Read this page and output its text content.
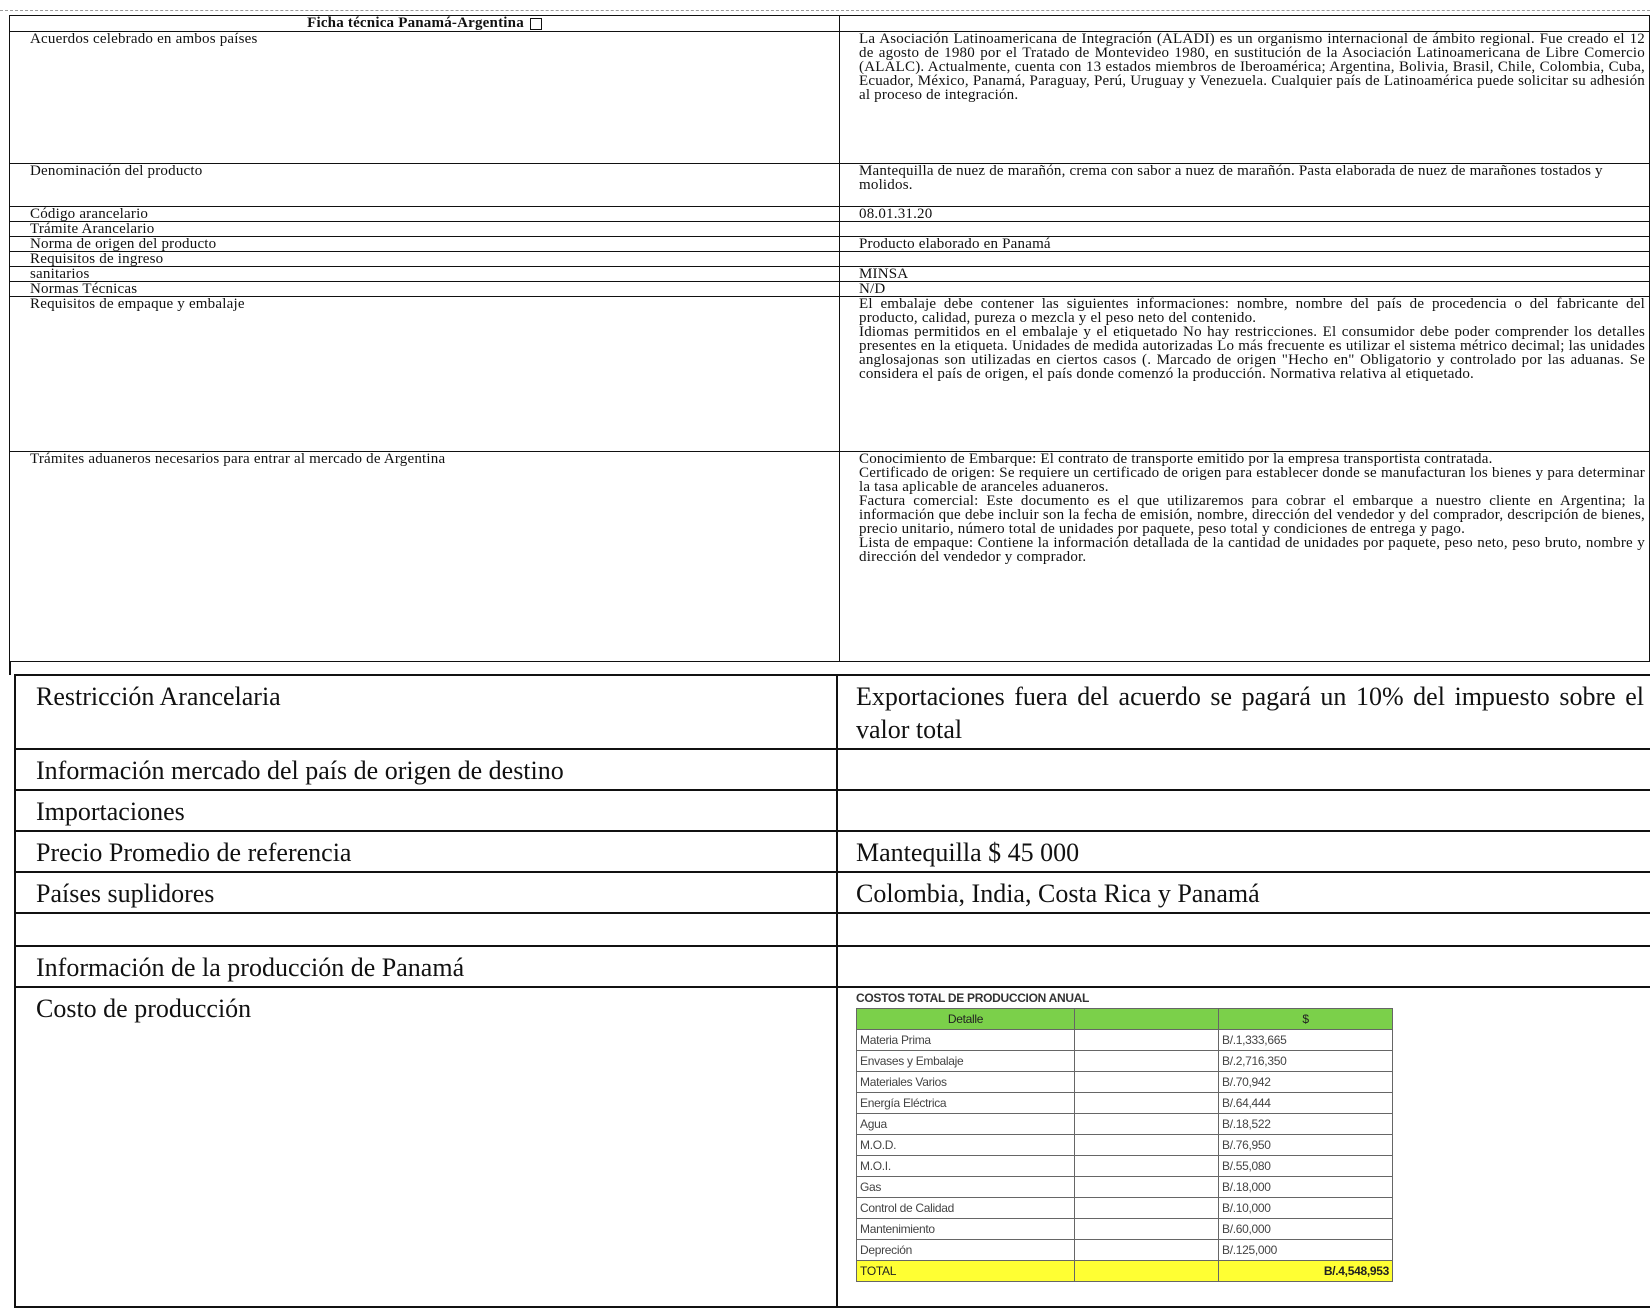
Ficha técnica Panamá-Argentina	
Acuerdos celebrado en ambos países	La Asociación Latinoamericana de Integración (ALADI) es un organismo internacional de ámbito regional. Fue creado el 12 de agosto de 1980 por el Tratado de Montevideo 1980, en sustitución de la Asociación Latinoamericana de Libre Comercio (ALALC). Actualmente, cuenta con 13 estados miembros de Iberoamérica; Argentina, Bolivia, Brasil, Chile, Colombia, Cuba, Ecuador, México, Panamá, Paraguay, Perú, Uruguay y Venezuela. Cualquier país de Latinoamérica puede solicitar su adhesión al proceso de integración.
Denominación del producto	Mantequilla de nuez de marañón, crema con sabor a nuez de marañón. Pasta elaborada de nuez de marañones tostados y molidos.
Código arancelario	08.01.31.20
Trámite Arancelario	
Norma de origen del producto	Producto elaborado en Panamá
Requisitos de ingreso	
sanitarios	MINSA
Normas Técnicas	N/D
Requisitos de empaque y embalaje	El embalaje debe contener las siguientes informaciones: nombre, nombre del país de procedencia o del fabricante del producto, calidad, pureza o mezcla y el peso neto del contenido.
Idiomas permitidos en el embalaje y el etiquetado No hay restricciones. El consumidor debe poder comprender los detalles presentes en la etiqueta. Unidades de medida autorizadas Lo más frecuente es utilizar el sistema métrico decimal; las unidades anglosajonas son utilizadas en ciertos casos (. Marcado de origen "Hecho en" Obligatorio y controlado por las aduanas. Se considera el país de origen, el país donde comenzó la producción. Normativa relativa al etiquetado.
Trámites aduaneros necesarios para entrar al mercado de Argentina	Conocimiento de Embarque: El contrato de transporte emitido por la empresa transportista contratada.
Certificado de origen: Se requiere un certificado de origen para establecer donde se manufacturan los bienes y para determinar la tasa aplicable de aranceles aduaneros.
Factura comercial: Este documento es el que utilizaremos para cobrar el embarque a nuestro cliente en Argentina; la información que debe incluir son la fecha de emisión, nombre, dirección del vendedor y del comprador, descripción de bienes, precio unitario, número total de unidades por paquete, peso total y condiciones de entrega y pago.
Lista de empaque: Contiene la información detallada de la cantidad de unidades por paquete, peso neto, peso bruto, nombre y dirección del vendedor y comprador.
Restricción Arancelaria	Exportaciones fuera del acuerdo se pagará un 10% del impuesto sobre el valor total
Información mercado del país de origen de destino	
Importaciones	
Precio Promedio de referencia	Mantequilla $ 45 000
Países suplidores	Colombia, India, Costa Rica y Panamá

Información de la producción de Panamá	
Costo de producción	COSTOS TOTAL DE PRODUCCION ANUAL
Detalle		$
Materia Prima		B/.1,333,665
Envases y Embalaje		B/.2,716,350
Materiales Varios		B/.70,942
Energía Eléctrica		B/.64,444
Agua		B/.18,522
M.O.D.		B/.76,950
M.O.I.		B/.55,080
Gas		B/.18,000
Control de Calidad		B/.10,000
Mantenimiento		B/.60,000
Depreción		B/.125,000
TOTAL		B/.4,548,953
